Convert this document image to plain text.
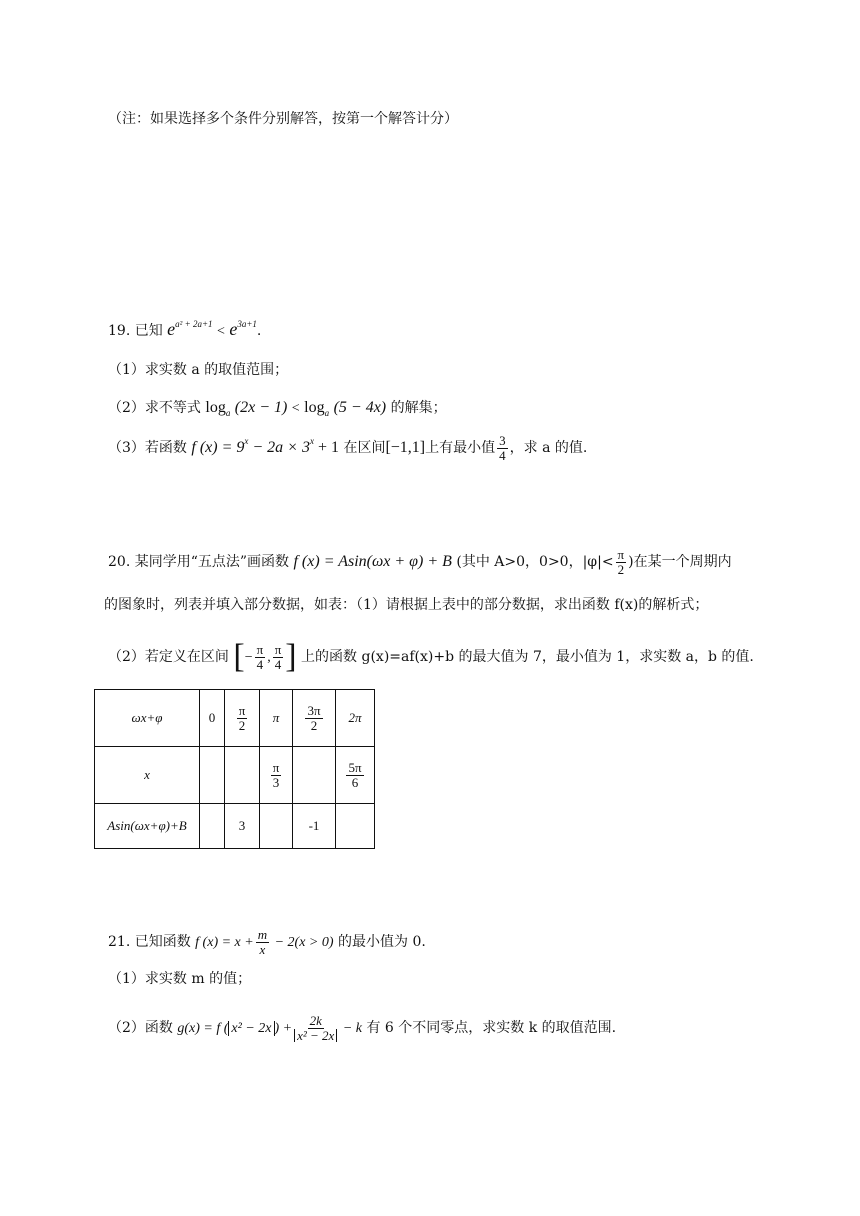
（注：如果选择多个条件分别解答，按第一个解答计分）
19. 已知 $e^{a^2 + 2a+1} < e^{3a+1}$.
（1）求实数 a 的取值范围；
（2）求不等式 $\log_a (2x - 1) < \log_a (5 - 4x)$ 的解集；
（3）若函数 f $(x) = 9^x - 2a \times 3^x + 1$ 在区间[−1,1]上有最小值 $\frac{3}{4}$ ，求 a 的值.
20. 某同学用“五点法”画函数 f (x) = Asin(ωx + φ) + B (其中 A>0，0>0，$|\varphi|< \frac{\pi}{2}$ )在某一个周期内
的图象时，列表并填入部分数据，如表：（1）请根据上表中的部分数据，求出函数 f(x)的解析式；
（2）若定义在区间 [− $\frac{\pi}{4}$ , $\frac{\pi}{4}$ ] 上的函数 g(x)=af(x)+b 的最大值为 7，最小值为 1，求实数 a，b 的值.
ωx+φ	0	$\frac{\pi}{2}$	π	$\frac{3\pi}{2}$	2π
x			$\frac{\pi}{3}$		$\frac{5\pi}{6}$

Asin(ωx+φ)+B		3		-1	
21. 已知函数 f $(x) = x + \frac{m}{x} - 2(x > 0)$ 的最小值为 0.
（1）求实数 m 的值；
（2）函数 g(x) = f ( x² − 2x ) + $\frac{2k}{\text{x² − 2x}} - k$ 有 6 个不同零点，求实数 k 的取值范围.
